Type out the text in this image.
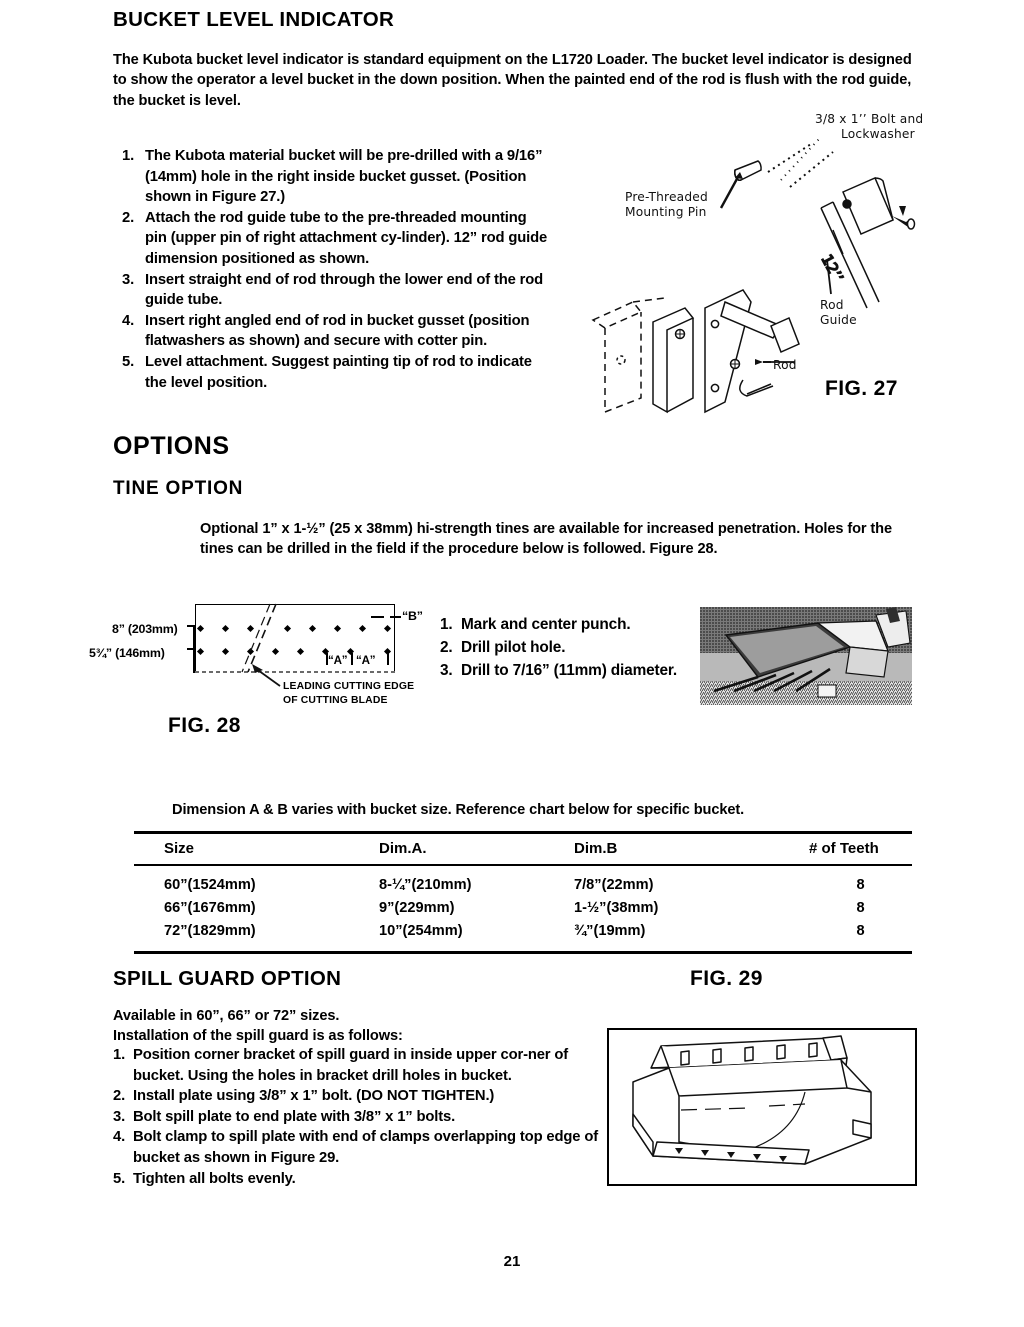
BUCKET LEVEL INDICATOR
The Kubota bucket level indicator is standard equipment on the L1720 Loader. The bucket level indicator is designed to show the operator a level bucket in the down position. When the painted end of the rod is flush with the rod guide, the bucket is level.
1. The Kubota material bucket will be pre-drilled with a 9/16” (14mm) hole in the right inside bucket gusset. (Position shown in Figure 27.)
2. Attach the rod guide tube to the pre-threaded mounting pin (upper pin of right attachment cy-linder). 12” rod guide dimension positioned as shown.
3. Insert straight end of rod through the lower end of the rod guide tube.
4. Insert right angled end of rod in bucket gusset (position flatwashers as shown) and secure with cotter pin.
5. Level attachment. Suggest painting tip of rod to indicate the level position.
3/8 x 1’’ Bolt and
Lockwasher
Pre-Threaded
Mounting Pin
Rod
Guide
Rod
12’’
FIG. 27
OPTIONS
TINE OPTION
Optional 1” x 1-½” (25 x 38mm) hi-strength tines are available for increased penetration. Holes for the tines can be drilled in the field if the procedure below is followed. Figure 28.
8” (203mm)
5¾” (146mm)
“B”
“A” “A”
LEADING CUTTING EDGE
OF CUTTING BLADE
FIG. 28
1. Mark and center punch.
2. Drill pilot hole.
3. Drill to 7/16” (11mm) diameter.
Dimension A & B varies with bucket size. Reference chart below for specific bucket.
Size	Dim.A.	Dim.B	# of Teeth
60”(1524mm)	8-¼”(210mm)	7/8”(22mm)	8
66”(1676mm)	9”(229mm)	1-½”(38mm)	8
72”(1829mm)	10”(254mm)	¾”(19mm)	8
SPILL GUARD OPTION	FIG. 29
Available in 60”, 66” or 72” sizes.
Installation of the spill guard is as follows:
1. Position corner bracket of spill guard in inside upper cor-ner of bucket. Using the holes in bracket drill holes in bucket.
2. Install plate using 3/8” x 1” bolt. (DO NOT TIGHTEN.)
3. Bolt spill plate to end plate with 3/8” x 1” bolts.
4. Bolt clamp to spill plate with end of clamps overlapping top edge of bucket as shown in Figure 29.
5. Tighten all bolts evenly.
21
